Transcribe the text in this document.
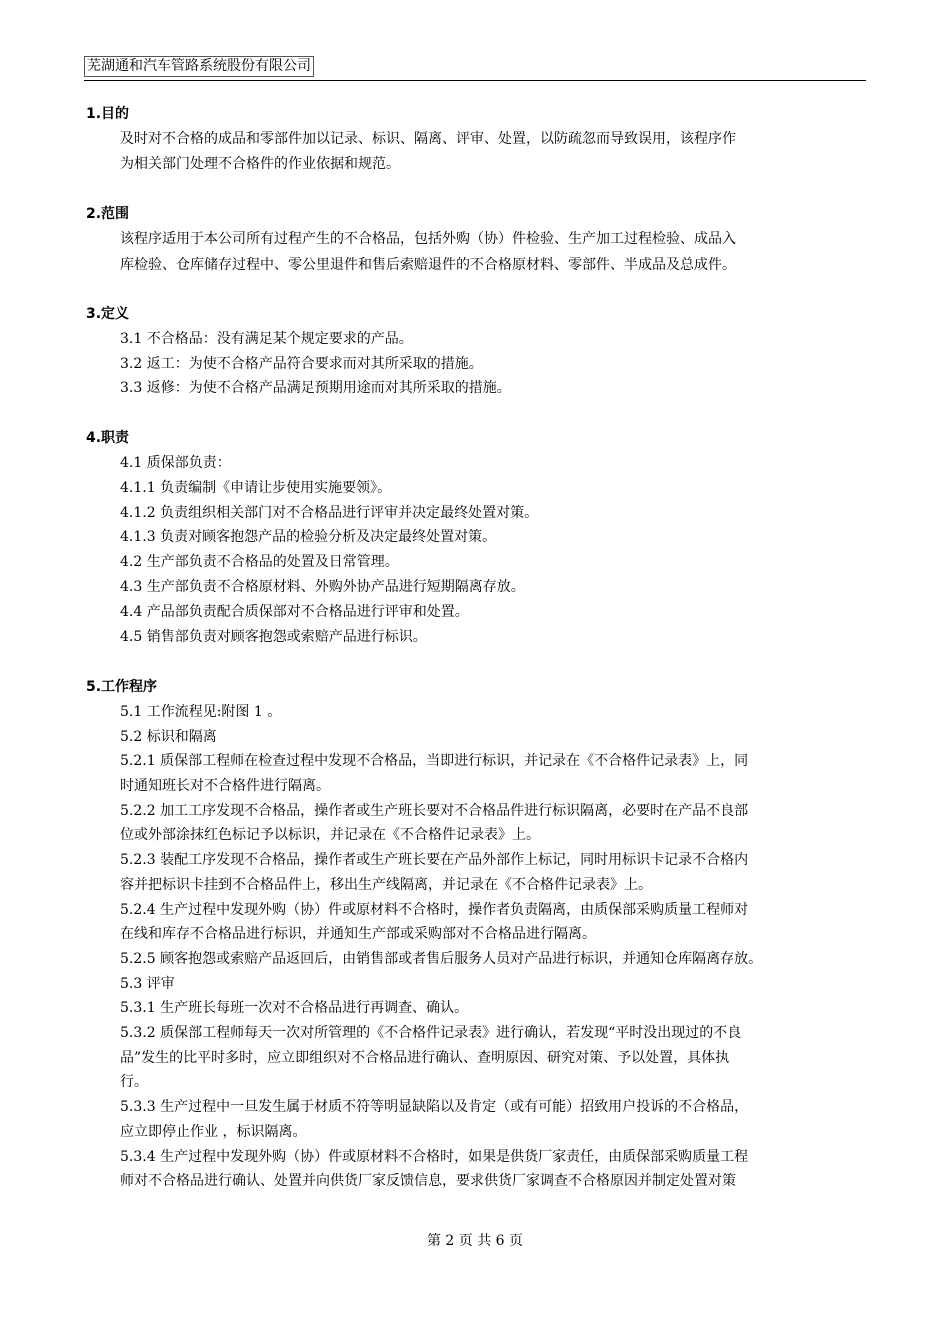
芜湖通和汽车管路系统股份有限公司
1.目的
及时对不合格的成品和零部件加以记录、标识、隔离、评审、处置，以防疏忽而导致误用，该程序作
为相关部门处理不合格件的作业依据和规范。
2.范围
该程序适用于本公司所有过程产生的不合格品，包括外购（协）件检验、生产加工过程检验、成品入
库检验、仓库储存过程中、零公里退件和售后索赔退件的不合格原材料、零部件、半成品及总成件。
3.定义
3.1 不合格品：没有满足某个规定要求的产品。
3.2 返工：为使不合格产品符合要求而对其所采取的措施。
3.3 返修：为使不合格产品满足预期用途而对其所采取的措施。
4.职责
4.1 质保部负责：
4.1.1 负责编制《申请让步使用实施要领》。
4.1.2 负责组织相关部门对不合格品进行评审并决定最终处置对策。
4.1.3 负责对顾客抱怨产品的检验分析及决定最终处置对策。
4.2 生产部负责不合格品的处置及日常管理。
4.3 生产部负责不合格原材料、外购外协产品进行短期隔离存放。
4.4 产品部负责配合质保部对不合格品进行评审和处置。
4.5 销售部负责对顾客抱怨或索赔产品进行标识。
5.工作程序
5.1 工作流程见:附图 1 。
5.2 标识和隔离
5.2.1 质保部工程师在检查过程中发现不合格品，当即进行标识，并记录在《不合格件记录表》上，同
时通知班长对不合格件进行隔离。
5.2.2 加工工序发现不合格品，操作者或生产班长要对不合格品件进行标识隔离，必要时在产品不良部
位或外部涂抹红色标记予以标识，并记录在《不合格件记录表》上。
5.2.3 装配工序发现不合格品，操作者或生产班长要在产品外部作上标记，同时用标识卡记录不合格内
容并把标识卡挂到不合格品件上，移出生产线隔离，并记录在《不合格件记录表》上。
5.2.4 生产过程中发现外购（协）件或原材料不合格时，操作者负责隔离，由质保部采购质量工程师对
在线和库存不合格品进行标识，并通知生产部或采购部对不合格品进行隔离。
5.2.5 顾客抱怨或索赔产品返回后，由销售部或者售后服务人员对产品进行标识，并通知仓库隔离存放。
5.3 评审
5.3.1 生产班长每班一次对不合格品进行再调查、确认。
5.3.2 质保部工程师每天一次对所管理的《不合格件记录表》进行确认，若发现“平时没出现过的不良
品”发生的比平时多时，应立即组织对不合格品进行确认、查明原因、研究对策、予以处置，具体执
行。
5.3.3 生产过程中一旦发生属于材质不符等明显缺陷以及肯定（或有可能）招致用户投诉的不合格品，
应立即停止作业 ，标识隔离。
5.3.4 生产过程中发现外购（协）件或原材料不合格时，如果是供货厂家责任，由质保部采购质量工程
师对不合格品进行确认、处置并向供货厂家反馈信息，要求供货厂家调查不合格原因并制定处置对策
第 2 页 共 6 页
